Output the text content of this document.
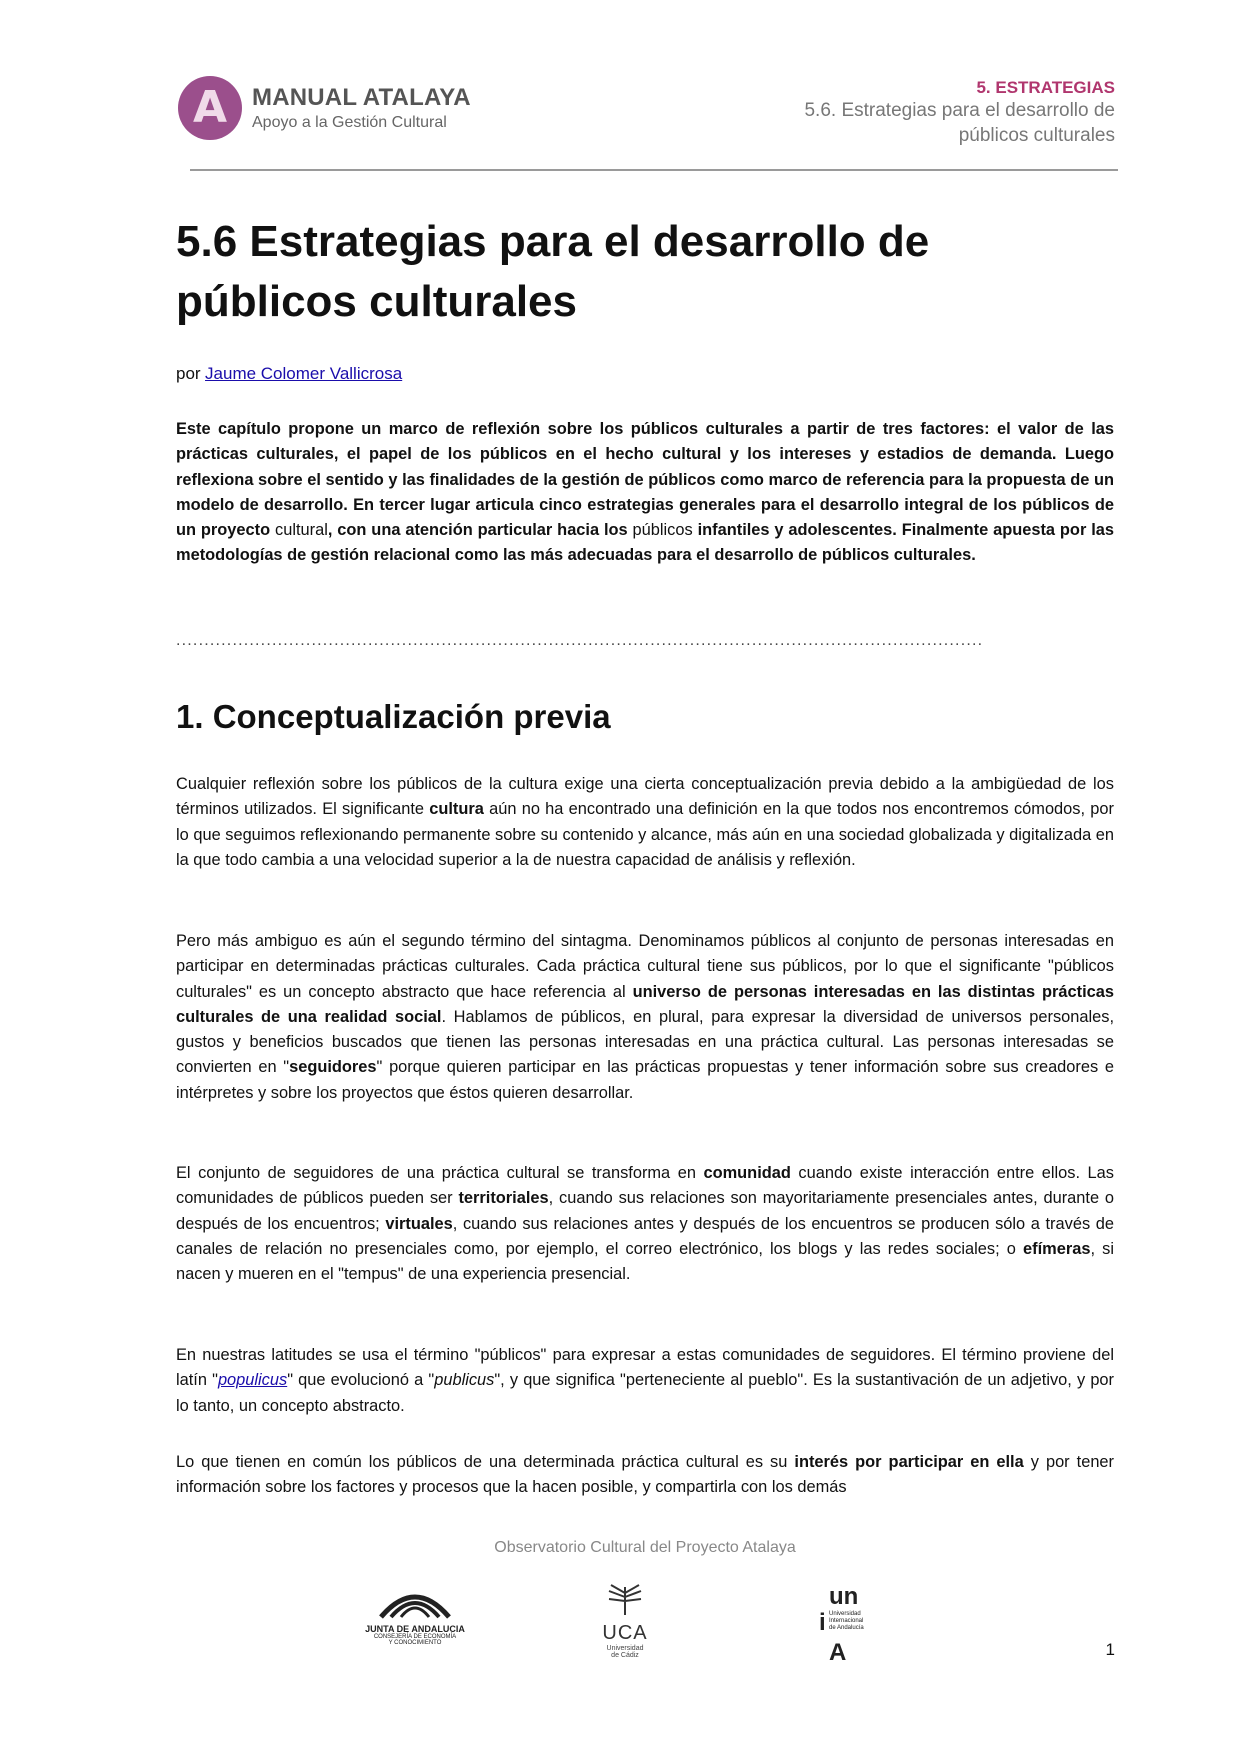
A	MANUAL ATALAYA
Apoyo a la Gestión Cultural
5. ESTRATEGIAS
5.6. Estrategias para el desarrollo de públicos culturales
5.6 Estrategias para el desarrollo de públicos culturales
por Jaume Colomer Vallicrosa

Este capítulo propone un marco de reflexión sobre los públicos culturales a partir de tres factores: el valor de las prácticas culturales, el papel de los públicos en el hecho cultural y los intereses y estadios de demanda. Luego reflexiona sobre el sentido y las finalidades de la gestión de públicos como marco de referencia para la propuesta de un modelo de desarrollo. En tercer lugar articula cinco estrategias generales para el desarrollo integral de los públicos de un proyecto cultural, con una atención particular hacia los públicos infantiles y adolescentes. Finalmente apuesta por las metodologías de gestión relacional como las más adecuadas para el desarrollo de públicos culturales.

...............................................................................................................................................
1. Conceptualización previa

Cualquier reflexión sobre los públicos de la cultura exige una cierta conceptualización previa debido a la ambigüedad de los términos utilizados. El significante cultura aún no ha encontrado una definición en la que todos nos encontremos cómodos, por lo que seguimos reflexionando permanente sobre su contenido y alcance, más aún en una sociedad globalizada y digitalizada en la que todo cambia a una velocidad superior a la de nuestra capacidad de análisis y reflexión.

Pero más ambiguo es aún el segundo término del sintagma. Denominamos públicos al conjunto de personas interesadas en participar en determinadas prácticas culturales. Cada práctica cultural tiene sus públicos, por lo que el significante "públicos culturales" es un concepto abstracto que hace referencia al universo de personas interesadas en las distintas prácticas culturales de una realidad social. Hablamos de públicos, en plural, para expresar la diversidad de universos personales, gustos y beneficios buscados que tienen las personas interesadas en una práctica cultural. Las personas interesadas se convierten en "seguidores" porque quieren participar en las prácticas propuestas y tener información sobre sus creadores e intérpretes y sobre los proyectos que éstos quieren desarrollar.

El conjunto de seguidores de una práctica cultural se transforma en comunidad cuando existe interacción entre ellos. Las comunidades de públicos pueden ser territoriales, cuando sus relaciones son mayoritariamente presenciales antes, durante o después de los encuentros; virtuales, cuando sus relaciones antes y después de los encuentros se producen sólo a través de canales de relación no presenciales como, por ejemplo, el correo electrónico, los blogs y las redes sociales; o efímeras, si nacen y mueren en el "tempus" de una experiencia presencial.

En nuestras latitudes se usa el término "públicos" para expresar a estas comunidades de seguidores. El término proviene del latín "populicus" que evolucionó a "publicus", y que significa "perteneciente al pueblo". Es la sustantivación de un adjetivo, y por lo tanto, un concepto abstracto.

Lo que tienen en común los públicos de una determinada práctica cultural es su interés por participar en ella y por tener información sobre los factores y procesos que la hacen posible, y compartirla con los demás

Observatorio Cultural del Proyecto Atalaya
JUNTA DE ANDALUCIA
CONSEJERÍA DE ECONOMÍA
Y CONOCIMIENTO	UCA
Universidad
de Cádiz
un
i
A
Universidad
Internacional
de Andalucía
1
